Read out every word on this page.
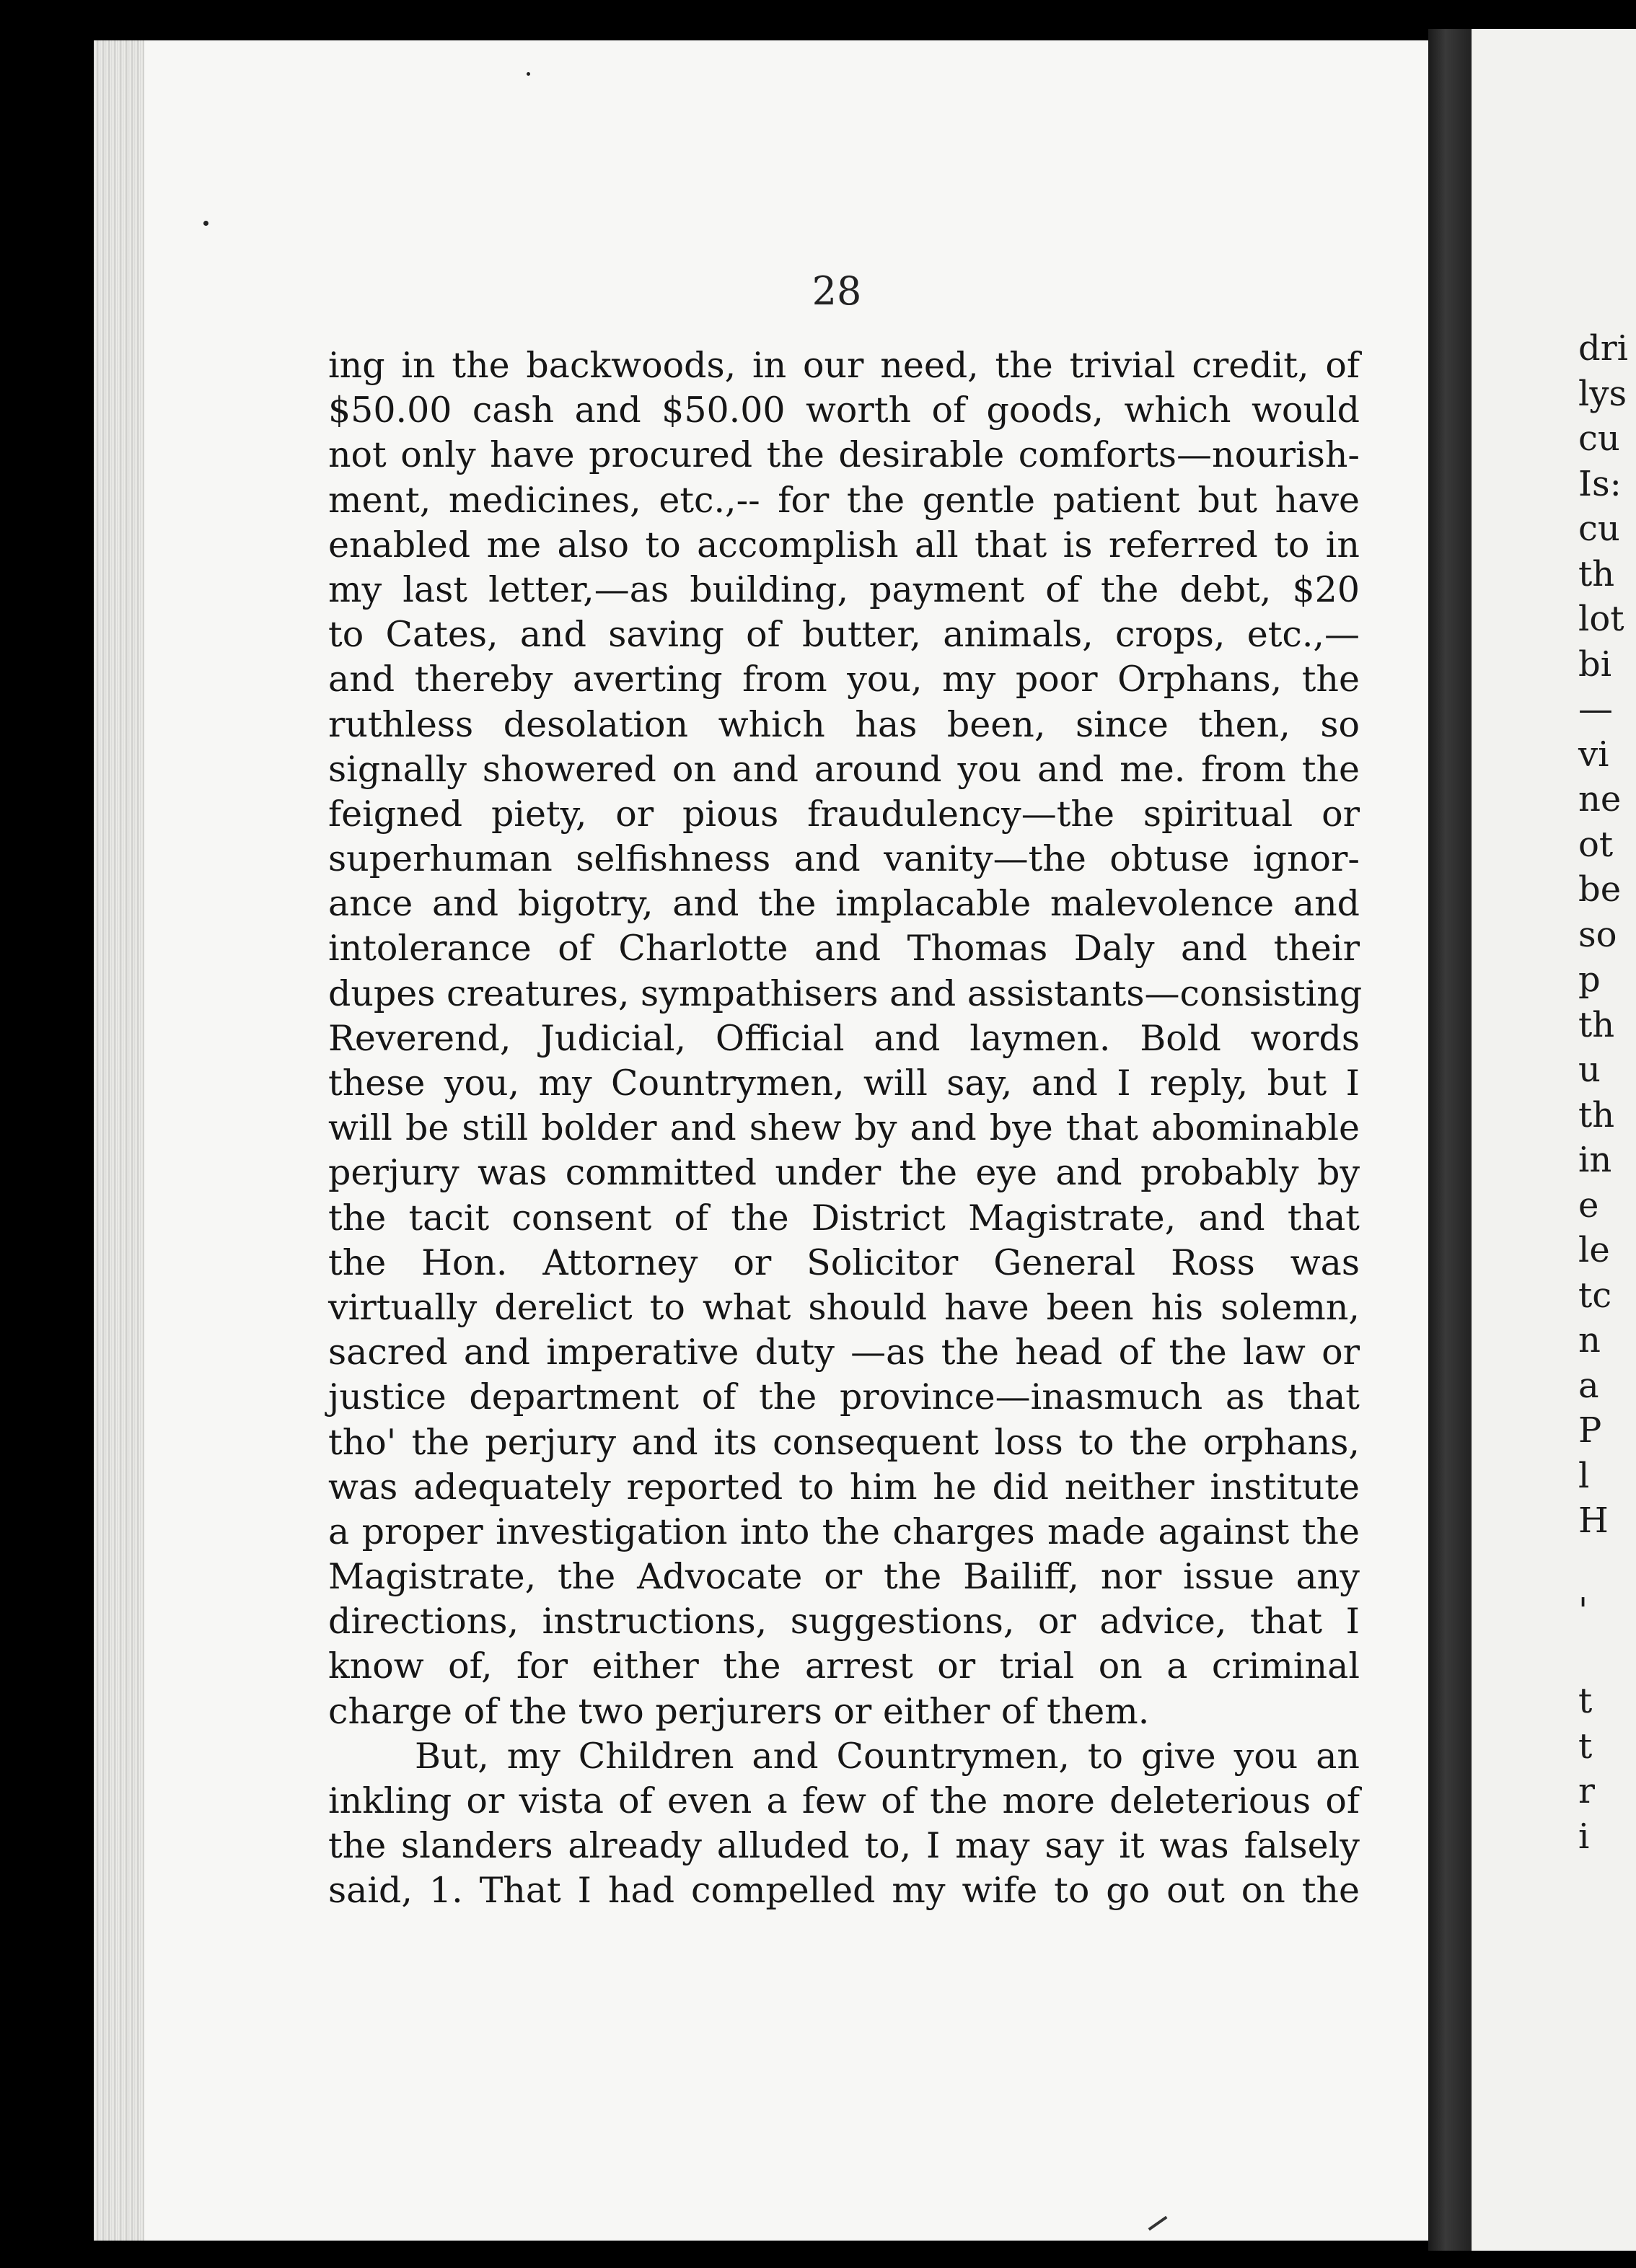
28
ing in the backwoods, in our need, the trivial credit, of
$50.00 cash and $50.00 worth of goods, which would
not only have procured the desirable comforts—nourish-
ment, medicines, etc.,-- for the gentle patient but have
enabled me also to accomplish all that is referred to in
my last letter,—as building, payment of the debt, $20
to Cates, and saving of butter, animals, crops, etc.,—
and thereby averting from you, my poor Orphans, the
ruthless desolation which has been, since then, so
signally showered on and around you and me. from the
feigned piety, or pious fraudulency—the spiritual or
superhuman selfishness and vanity—the obtuse ignor-
ance and bigotry, and the implacable malevolence and
intolerance of Charlotte and Thomas Daly and their
dupes creatures, sympathisers and assistants—consisting
Reverend, Judicial, Official and laymen. Bold words
these you, my Countrymen, will say, and I reply, but I
will be still bolder and shew by and bye that abominable
perjury was committed under the eye and probably by
the tacit consent of the District Magistrate, and that
the Hon. Attorney or Solicitor General Ross was
virtually derelict to what should have been his solemn,
sacred and imperative duty —as the head of the law or
justice department of the province—inasmuch as that
tho' the perjury and its consequent loss to the orphans,
was adequately reported to him he did neither institute
a proper investigation into the charges made against the
Magistrate, the Advocate or the Bailiff, nor issue any
directions, instructions, suggestions, or advice, that I
know of, for either the arrest or trial on a criminal
charge of the two perjurers or either of them.
But, my Children and Countrymen, to give you an
inkling or vista of even a few of the more deleterious of
the slanders already alluded to, I may say it was falsely
said, 1. That I had compelled my wife to go out on the
dri
lys
cu
Is:
cu
th
lot
bi
—
vi
ne
ot
be
so
p
th
u
th
in
e
le
tc
n
a
P
l
H
'
t
t
r
i
